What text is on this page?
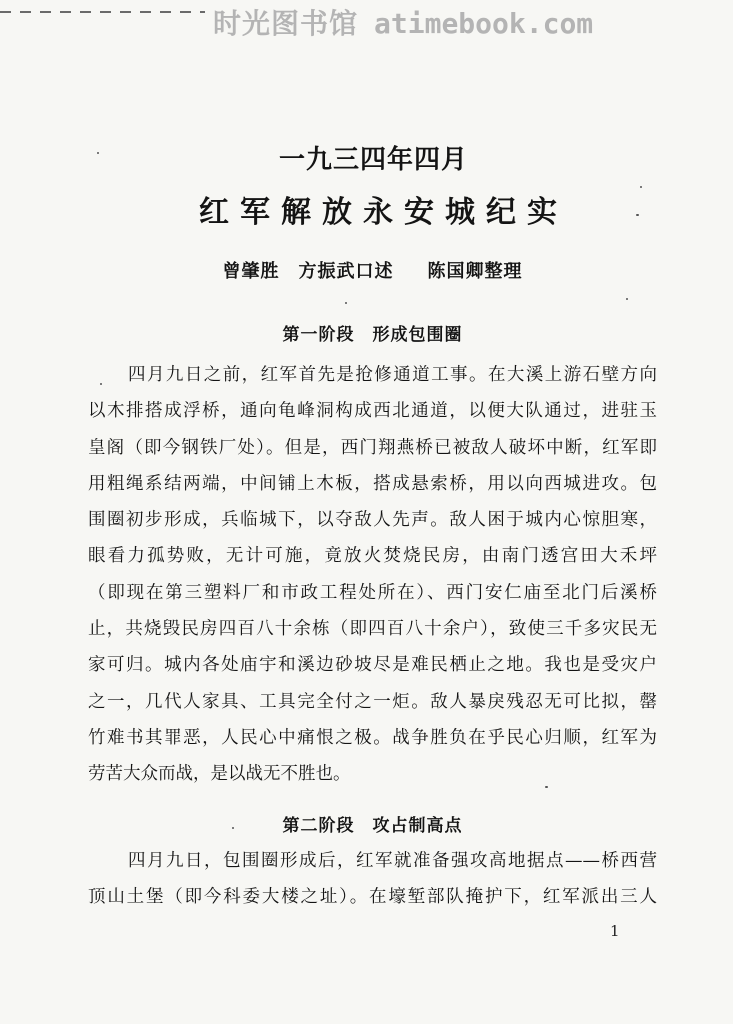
时光图书馆 atimebook.com
一九三四年四月
红军解放永安城纪实
曾肇胜　方振武口述 陈国卿整理
第一阶段　形成包围圈
四月九日之前，红军首先是抢修通道工事。在大溪上游石壁方向
以木排搭成浮桥，通向龟峰洞构成西北通道，以便大队通过，进驻玉
皇阁（即今钢铁厂处）。但是，西门翔燕桥已被敌人破坏中断，红军即
用粗绳系结两端，中间铺上木板，搭成悬索桥，用以向西城进攻。包
围圈初步形成，兵临城下，以夺敌人先声。敌人困于城内心惊胆寒，
眼看力孤势败，无计可施，竟放火焚烧民房，由南门透宫田大禾坪
（即现在第三塑料厂和市政工程处所在）、西门安仁庙至北门后溪桥
止，共烧毁民房四百八十余栋（即四百八十余户），致使三千多灾民无
家可归。城内各处庙宇和溪边砂坡尽是难民栖止之地。我也是受灾户
之一，几代人家具、工具完全付之一炬。敌人暴戾残忍无可比拟，罄
竹难书其罪恶，人民心中痛恨之极。战争胜负在乎民心归顺，红军为
劳苦大众而战，是以战无不胜也。
第二阶段　攻占制高点
四月九日，包围圈形成后，红军就准备强攻高地据点——桥西营
顶山土堡（即今科委大楼之址）。在壕堑部队掩护下，红军派出三人
1
